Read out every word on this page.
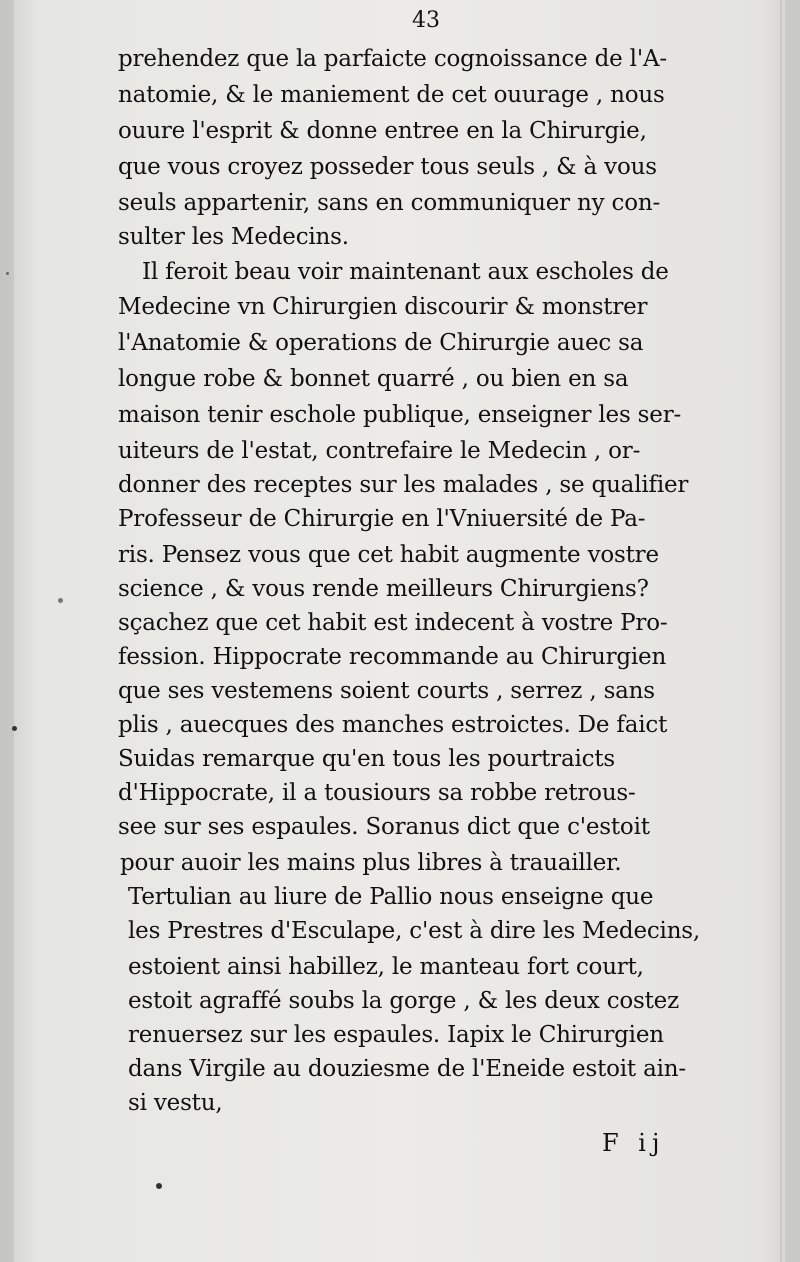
43
prehendez que la parfaicte cognoissance de l'A-
natomie, & le maniement de cet ouurage , nous
ouure l'esprit & donne entree en la Chirurgie,
que vous croyez posseder tous seuls , & à vous
seuls appartenir, sans en communiquer ny con-
sulter les Medecins.
Il feroit beau voir maintenant aux escholes de
Medecine vn Chirurgien discourir & monstrer
l'Anatomie & operations de Chirurgie auec sa
longue robe & bonnet quarré , ou bien en sa
maison tenir eschole publique, enseigner les ser-
uiteurs de l'estat, contrefaire le Medecin , or-
donner des receptes sur les malades , se qualifier
Professeur de Chirurgie en l'Vniuersité de Pa-
ris. Pensez vous que cet habit augmente vostre
science , & vous rende meilleurs Chirurgiens?
sçachez que cet habit est indecent à vostre Pro-
fession. Hippocrate recommande au Chirurgien
que ses vestemens soient courts , serrez , sans
plis , auecques des manches estroictes. De faict
Suidas remarque qu'en tous les pourtraicts
d'Hippocrate, il a tousiours sa robbe retrous-
see sur ses espaules. Soranus dict que c'estoit
pour auoir les mains plus libres à trauailler.
Tertulian au liure de Pallio nous enseigne que
les Prestres d'Esculape, c'est à dire les Medecins,
estoient ainsi habillez, le manteau fort court,
estoit agraffé soubs la gorge , & les deux costez
renuersez sur les espaules. Iapix le Chirurgien
dans Virgile au douziesme de l'Eneide estoit ain-
si vestu,
F ij
